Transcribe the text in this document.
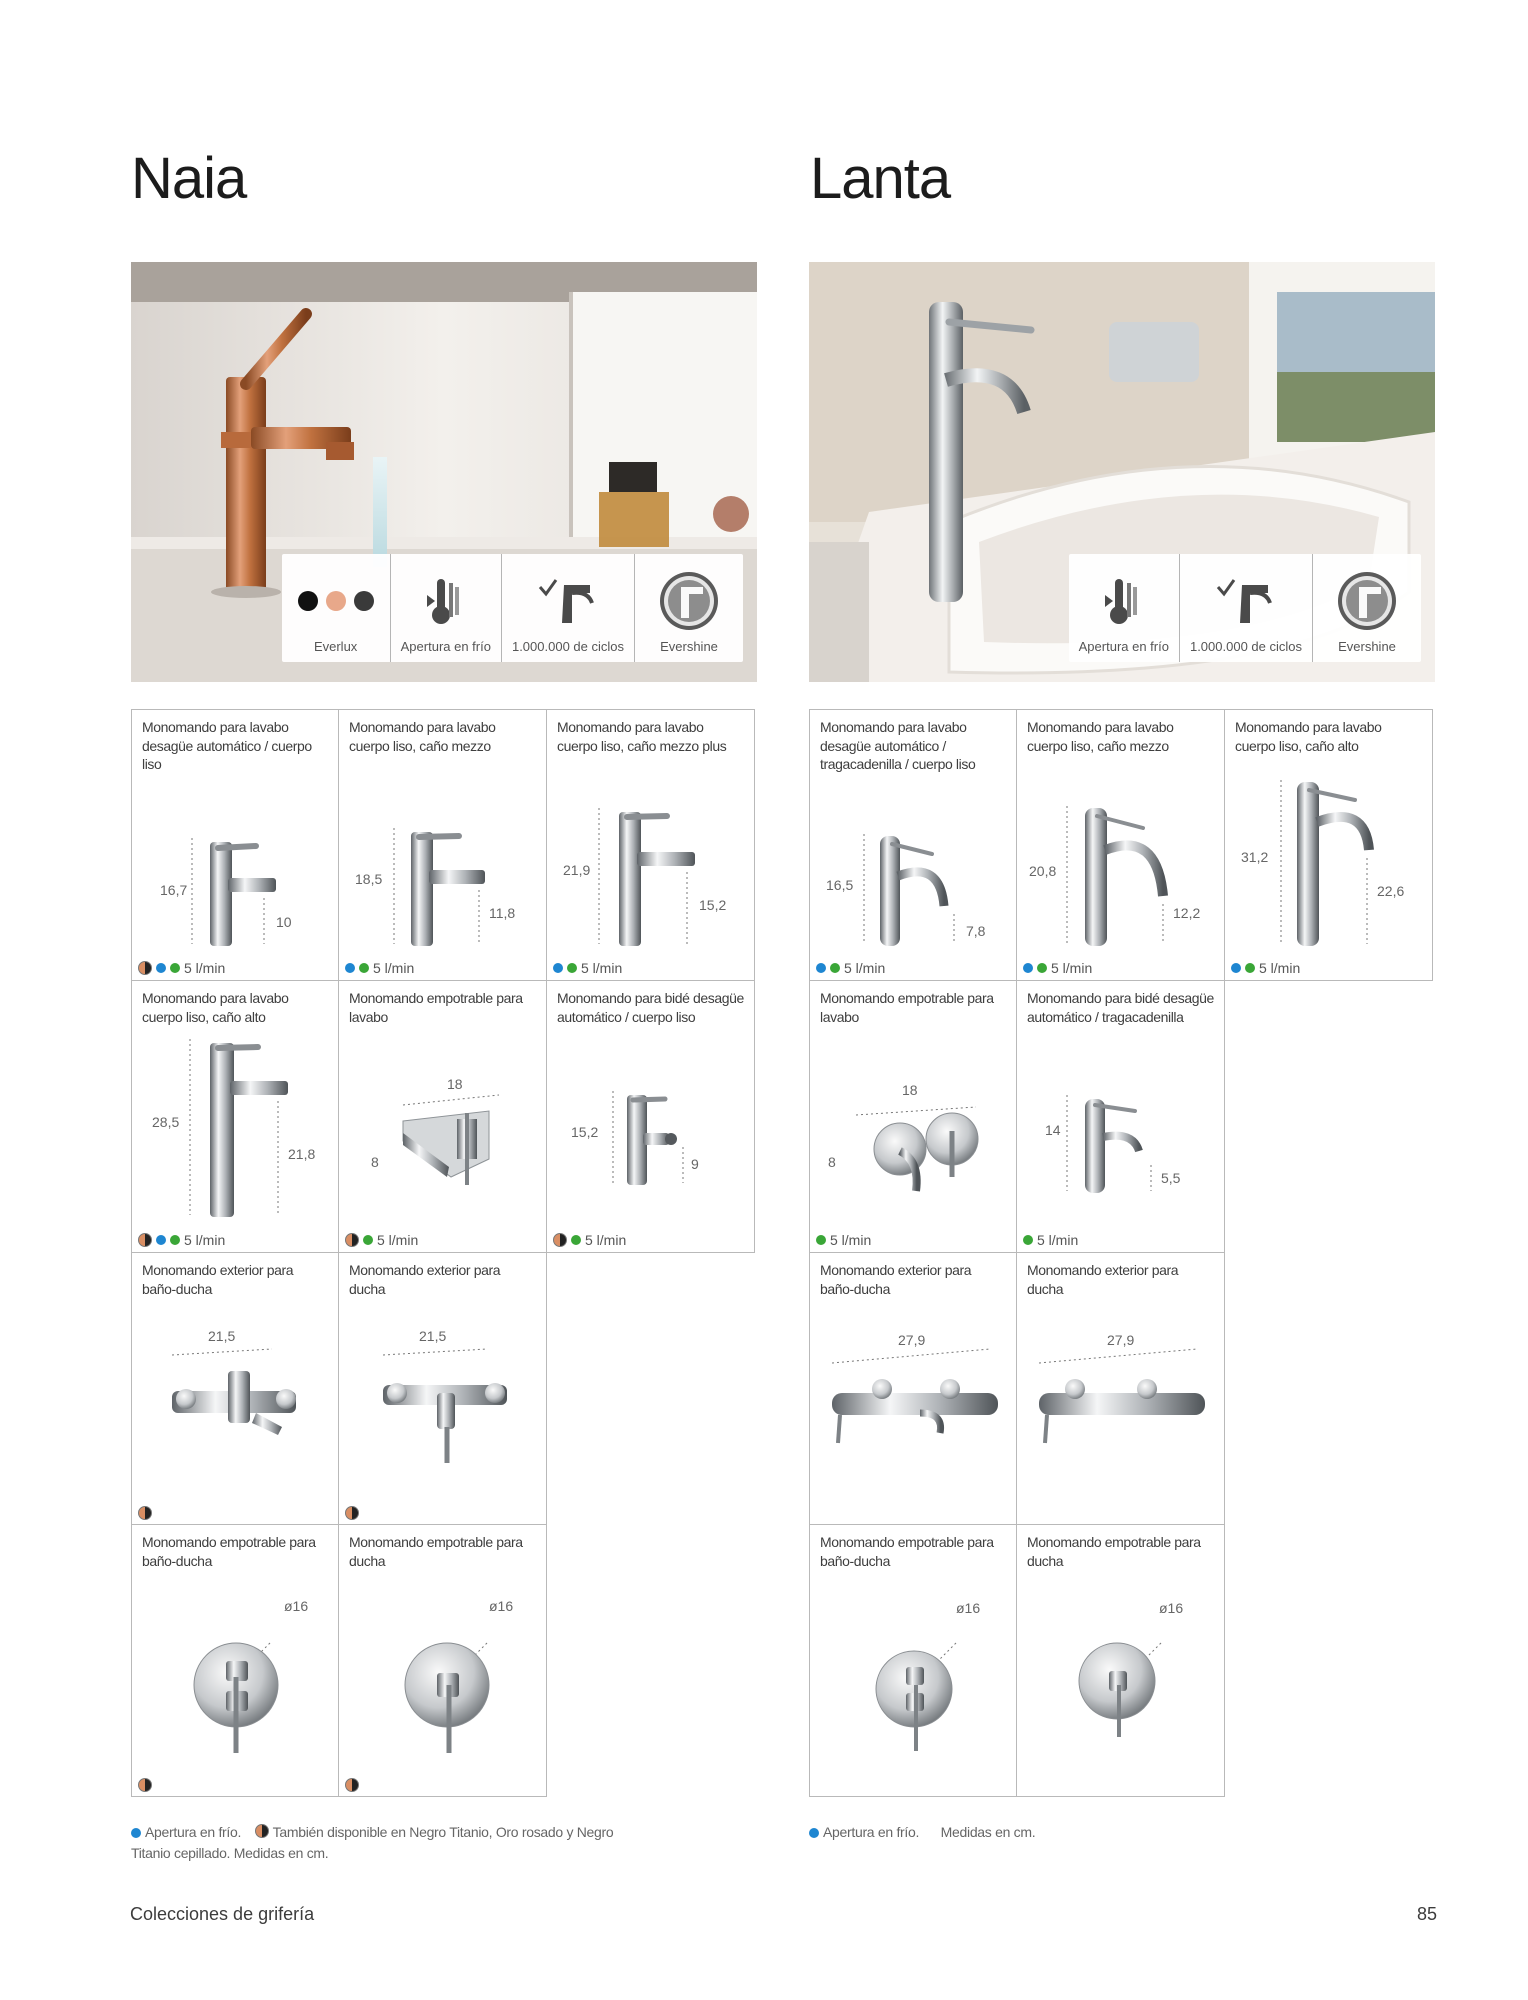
Naia	Lanta
Everlux	Apertura en frío 1.000.000 de ciclos	Evershine	Apertura en frío 1.000.000 de ciclos	Evershine
Monomando para lavabo desagüe automático / cuerpo liso
16,7
10
5 l/min
Monomando para lavabo cuerpo liso, caño mezzo
18,5
11,8
5 l/min
Monomando para lavabo cuerpo liso, caño mezzo plus
21,9
15,2
5 l/min
Monomando para lavabo cuerpo liso, caño alto
28,5
21,8
5 l/min
Monomando empotrable para lavabo
18
8
5 l/min
Monomando para bidé desagüe automático / cuerpo liso
15,2
9
5 l/min
Monomando exterior para baño-ducha
21,5
Monomando exterior para ducha
21,5
Monomando empotrable para baño-ducha
ø16
Monomando empotrable para ducha
ø16
Monomando para lavabo desagüe automático / tragacadenilla / cuerpo liso
16,5
7,8
5 l/min
Monomando para lavabo cuerpo liso, caño mezzo
20,8
12,2
5 l/min
Monomando para lavabo cuerpo liso, caño alto
31,2
22,6
5 l/min
Monomando empotrable para lavabo
18
8
5 l/min
Monomando para bidé desagüe automático / tragacadenilla
14
5,5
5 l/min
Monomando exterior para baño-ducha
27,9
Monomando exterior para ducha
27,9
Monomando empotrable para baño-ducha
ø16
Monomando empotrable para ducha
ø16
Apertura en frío. También disponible en Negro Titanio, Oro rosado y Negro Titanio cepillado. Medidas en cm.
Apertura en frío. Medidas en cm.
Colecciones de grifería	85
